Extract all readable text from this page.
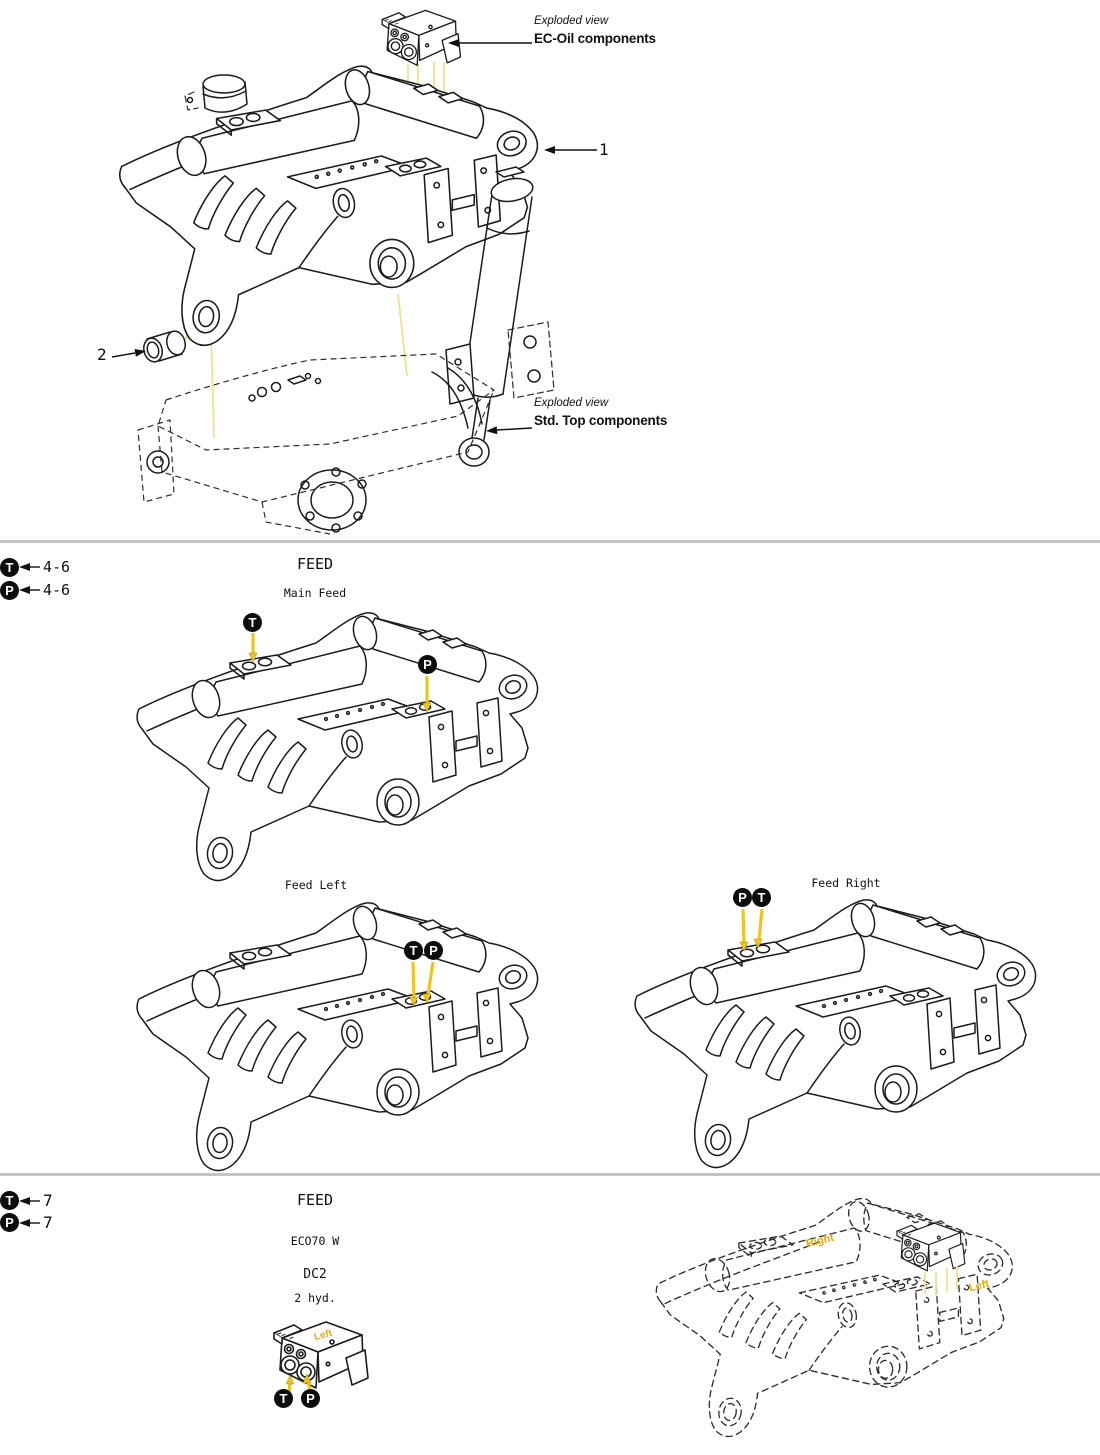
Exploded view
EC-Oil components
1
2
Exploded view
Std. Top components
T	4-6
P	4-6
FEED
Main Feed
Feed Left	Feed Right
T
P
T P
P T
T	7
P	7
FEED
ECO70 W
DC2
2 hyd.
T	P
Left
Right
Left
